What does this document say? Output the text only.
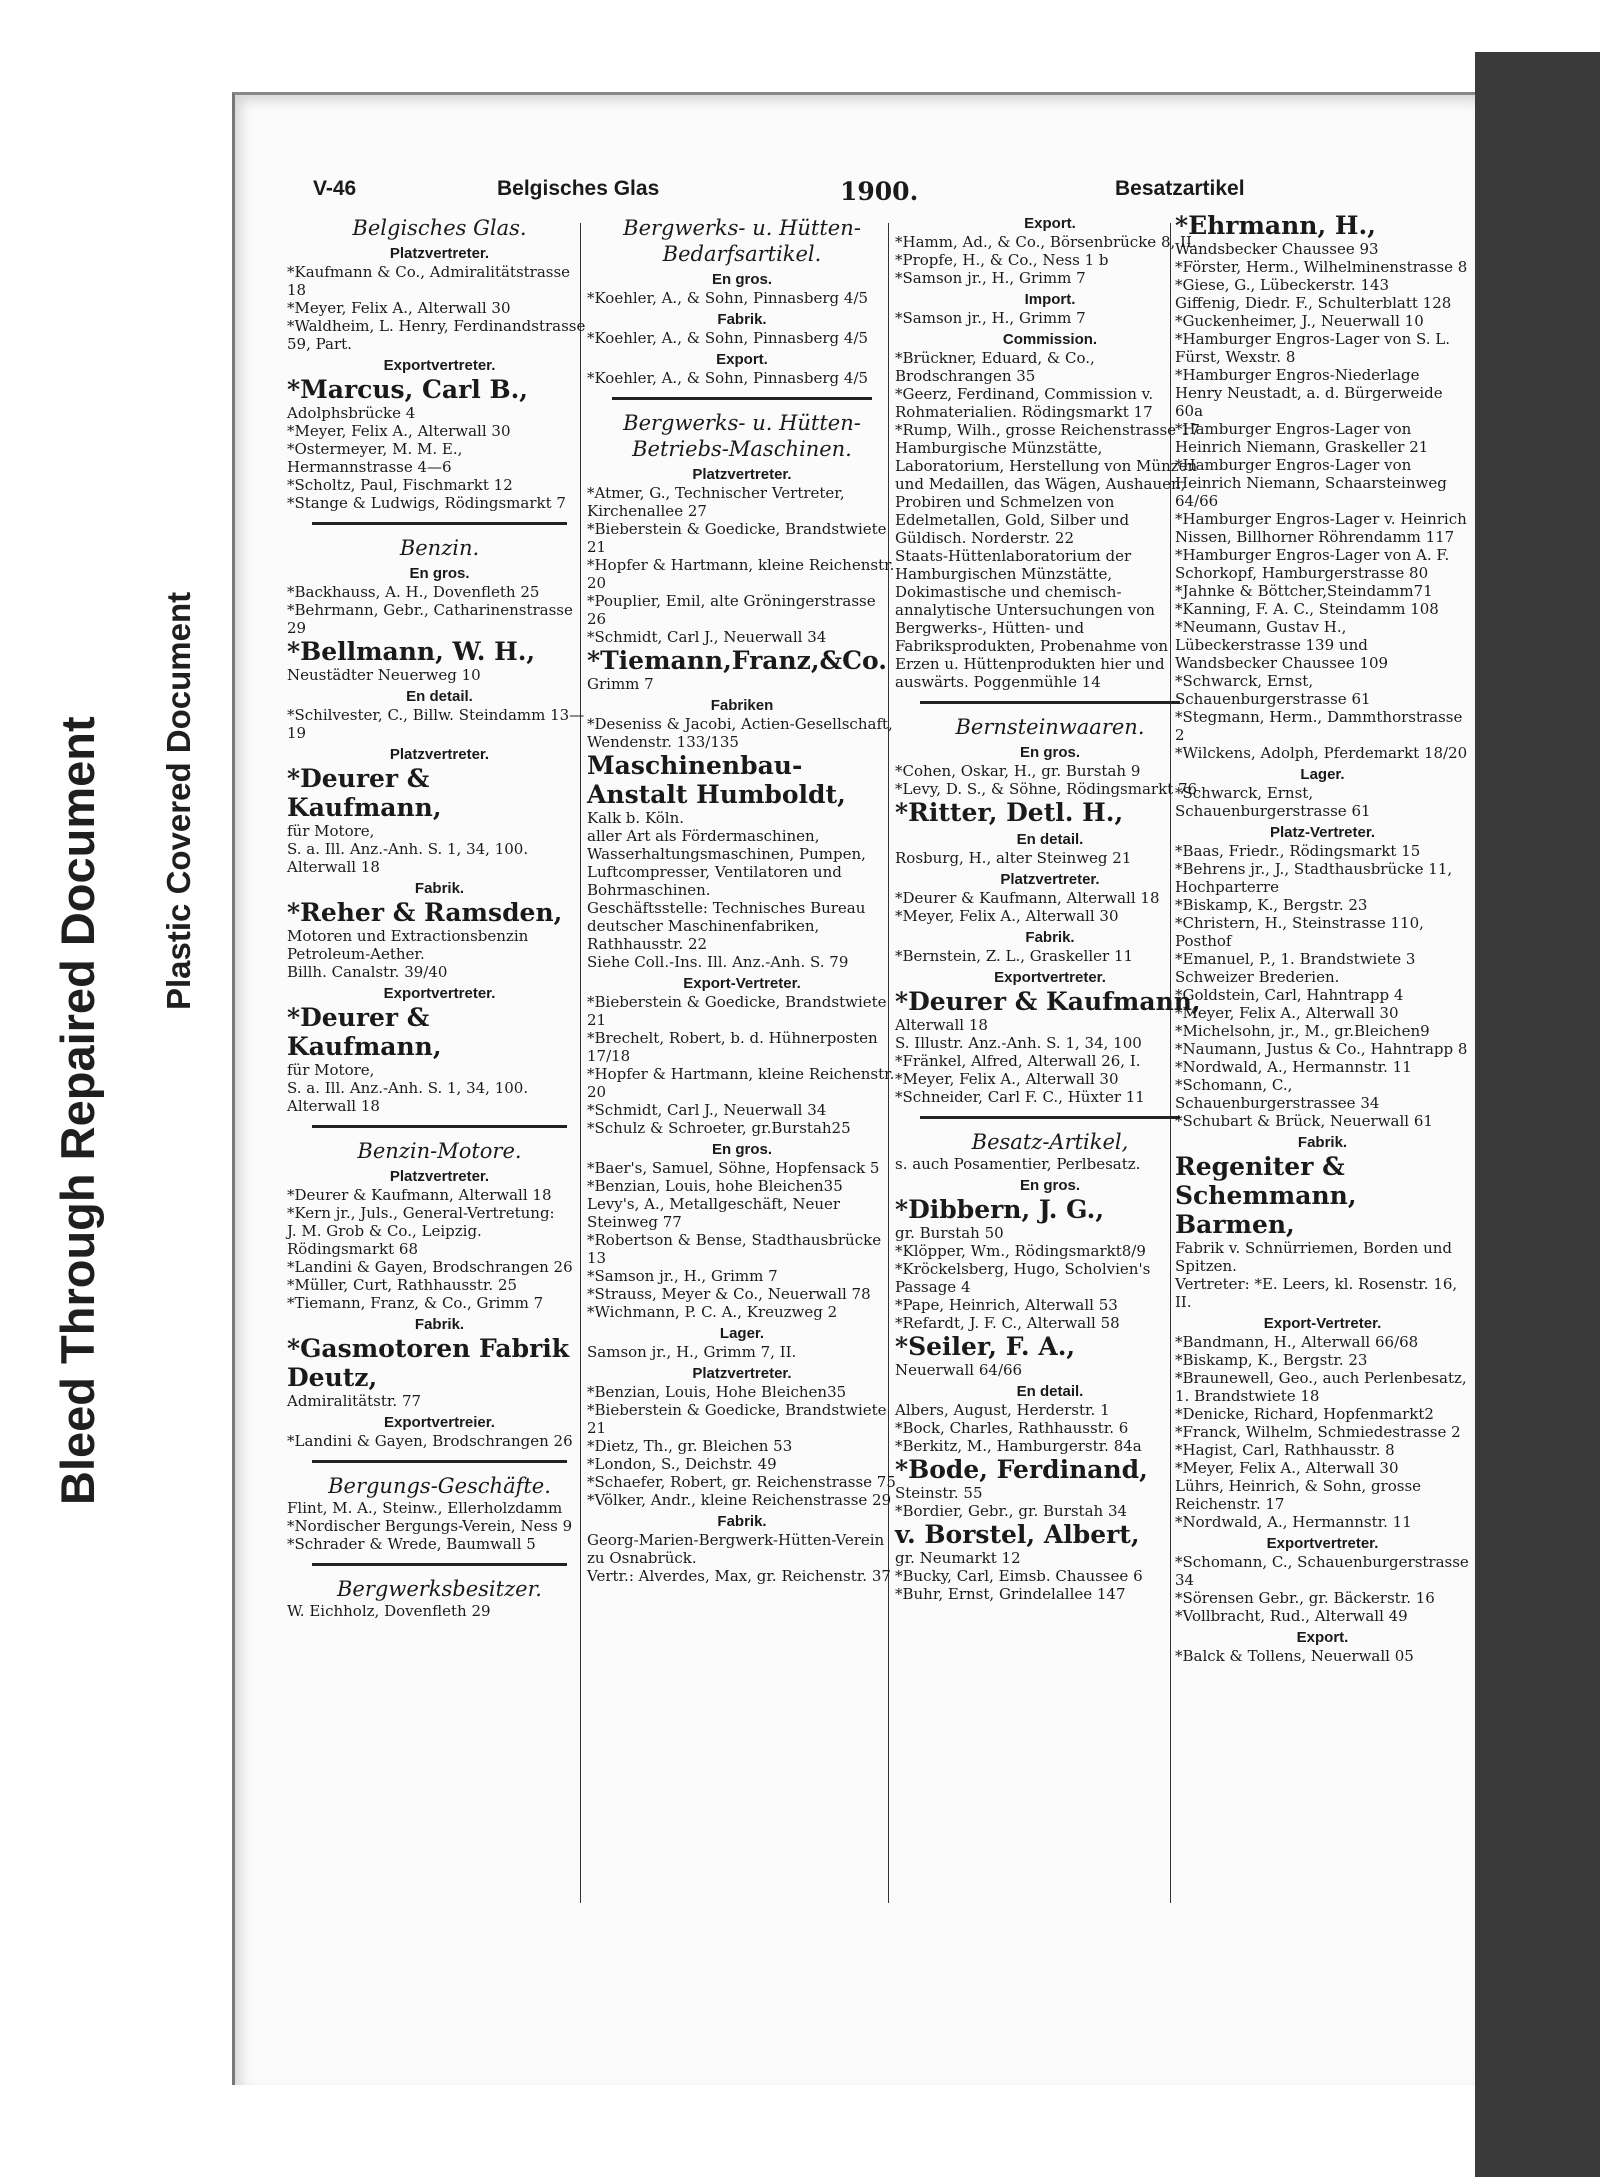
Bleed Through Repaired Document Plastic Covered Document
V-46	Belgisches Glas	1900.	Besatzartikel
Belgisches Glas.
Platzvertreter.
*Kaufmann & Co., Admiralitätstrasse 18
*Meyer, Felix A., Alterwall 30
*Waldheim, L. Henry, Ferdinandstrasse 59, Part.
Exportvertreter.
*Marcus, Carl B.,
Adolphsbrücke 4
*Meyer, Felix A., Alterwall 30
*Ostermeyer, M. M. E., Hermannstrasse 4—6
*Scholtz, Paul, Fischmarkt 12
*Stange & Ludwigs, Rödingsmarkt 7
Benzin.
En gros.
*Backhauss, A. H., Dovenfleth 25
*Behrmann, Gebr., Catharinenstrasse 29
*Bellmann, W. H.,
Neustädter Neuerweg 10
En detail.
*Schilvester, C., Billw. Steindamm 13—19
Platzvertreter.
*Deurer & Kaufmann,
für Motore,
S. a. Ill. Anz.-Anh. S. 1, 34, 100.
Alterwall 18
Fabrik.
*Reher & Ramsden,
Motoren und Extractionsbenzin
Petroleum-Aether.
Billh. Canalstr. 39/40
Exportvertreter.
*Deurer & Kaufmann,
für Motore,
S. a. Ill. Anz.-Anh. S. 1, 34, 100.
Alterwall 18
Benzin-Motore.
Platzvertreter.
*Deurer & Kaufmann, Alterwall 18
*Kern jr., Juls., General-Vertretung:
J. M. Grob & Co., Leipzig. Rödingsmarkt 68
*Landini & Gayen, Brodschrangen 26
*Müller, Curt, Rathhausstr. 25
*Tiemann, Franz, & Co., Grimm 7
Fabrik.
*Gasmotoren Fabrik Deutz,
Admiralitätstr. 77
Exportvertreier.
*Landini & Gayen, Brodschrangen 26
Bergungs-Geschäfte.
Flint, M. A., Steinw., Ellerholzdamm
*Nordischer Bergungs-Verein, Ness 9
*Schrader & Wrede, Baumwall 5
Bergwerksbesitzer.
W. Eichholz, Dovenfleth 29
Bergwerks- u. Hütten-Bedarfsartikel.
En gros.
*Koehler, A., & Sohn, Pinnasberg 4/5
Fabrik.
*Koehler, A., & Sohn, Pinnasberg 4/5
Export.
*Koehler, A., & Sohn, Pinnasberg 4/5
Bergwerks- u. Hütten-Betriebs-Maschinen.
Platzvertreter.
*Atmer, G., Technischer Vertreter, Kirchenallee 27
*Bieberstein & Goedicke, Brandstwiete 21
*Hopfer & Hartmann, kleine Reichenstr. 20
*Pouplier, Emil, alte Gröningerstrasse 26
*Schmidt, Carl J., Neuerwall 34
*Tiemann,Franz,&Co.
Grimm 7
Fabriken
*Deseniss & Jacobi, Actien-Gesellschaft, Wendenstr. 133/135
Maschinenbau-Anstalt Humboldt,
Kalk b. Köln.
aller Art als Fördermaschinen, Wasserhaltungsmaschinen, Pumpen, Luftcompresser, Ventilatoren und Bohrmaschinen.
Geschäftsstelle: Technisches Bureau deutscher Maschinenfabriken, Rathhausstr. 22
Siehe Coll.-Ins. Ill. Anz.-Anh. S. 79
Export-Vertreter.
*Bieberstein & Goedicke, Brandstwiete 21
*Brechelt, Robert, b. d. Hühnerposten 17/18
*Hopfer & Hartmann, kleine Reichenstr. 20
*Schmidt, Carl J., Neuerwall 34
*Schulz & Schroeter, gr.Burstah25
En gros.
*Baer's, Samuel, Söhne, Hopfensack 5
*Benzian, Louis, hohe Bleichen35
Levy's, A., Metallgeschäft, Neuer Steinweg 77
*Robertson & Bense, Stadthausbrücke 13
*Samson jr., H., Grimm 7
*Strauss, Meyer & Co., Neuerwall 78
*Wichmann, P. C. A., Kreuzweg 2
Lager.
Samson jr., H., Grimm 7, II.
Platzvertreter.
*Benzian, Louis, Hohe Bleichen35
*Bieberstein & Goedicke, Brandstwiete 21
*Dietz, Th., gr. Bleichen 53
*London, S., Deichstr. 49
*Schaefer, Robert, gr. Reichenstrasse 75
*Völker, Andr., kleine Reichenstrasse 29
Fabrik.
Georg-Marien-Bergwerk-Hütten-Verein zu Osnabrück.
Vertr.: Alverdes, Max, gr. Reichenstr. 37
Export.
*Hamm, Ad., & Co., Börsenbrücke 8, II.
*Propfe, H., & Co., Ness 1 b
*Samson jr., H., Grimm 7
Import.
*Samson jr., H., Grimm 7
Commission.
*Brückner, Eduard, & Co., Brodschrangen 35
*Geerz, Ferdinand, Commission v. Rohmaterialien. Rödingsmarkt 17
*Rump, Wilh., grosse Reichenstrasse 17
Hamburgische Münzstätte, Laboratorium, Herstellung von Münzen und Medaillen, das Wägen, Aushauen, Probiren und Schmelzen von Edelmetallen, Gold, Silber und Güldisch. Norderstr. 22
Staats-Hüttenlaboratorium der Hamburgischen Münzstätte, Dokimastische und chemisch-annalytische Untersuchungen von Bergwerks-, Hütten- und Fabriksprodukten, Probenahme von Erzen u. Hüttenprodukten hier und auswärts. Poggenmühle 14
Bernsteinwaaren.
En gros.
*Cohen, Oskar, H., gr. Burstah 9
*Levy, D. S., & Söhne, Rödingsmarkt 76
*Ritter, Detl. H.,
En detail.
Rosburg, H., alter Steinweg 21
Platzvertreter.
*Deurer & Kaufmann, Alterwall 18
*Meyer, Felix A., Alterwall 30
Fabrik.
*Bernstein, Z. L., Graskeller 11
Exportvertreter.
*Deurer & Kaufmann,
Alterwall 18
S. Illustr. Anz.-Anh. S. 1, 34, 100
*Fränkel, Alfred, Alterwall 26, I.
*Meyer, Felix A., Alterwall 30
*Schneider, Carl F. C., Hüxter 11
Besatz-Artikel,
s. auch Posamentier, Perlbesatz.
En gros.
*Dibbern, J. G.,
gr. Burstah 50
*Klöpper, Wm., Rödingsmarkt8/9
*Kröckelsberg, Hugo, Scholvien's Passage 4
*Pape, Heinrich, Alterwall 53
*Refardt, J. F. C., Alterwall 58
*Seiler, F. A.,
Neuerwall 64/66
En detail.
Albers, August, Herderstr. 1
*Bock, Charles, Rathhausstr. 6
*Berkitz, M., Hamburgerstr. 84a
*Bode, Ferdinand,
Steinstr. 55
*Bordier, Gebr., gr. Burstah 34
v. Borstel, Albert,
gr. Neumarkt 12
*Bucky, Carl, Eimsb. Chaussee 6
*Buhr, Ernst, Grindelallee 147
*Ehrmann, H.,
Wandsbecker Chaussee 93
*Förster, Herm., Wilhelminenstrasse 8
*Giese, G., Lübeckerstr. 143
Giffenig, Diedr. F., Schulterblatt 128
*Guckenheimer, J., Neuerwall 10
*Hamburger Engros-Lager von S. L. Fürst, Wexstr. 8
*Hamburger Engros-Niederlage Henry Neustadt, a. d. Bürgerweide 60a
*Hamburger Engros-Lager von Heinrich Niemann, Graskeller 21
*Hamburger Engros-Lager von Heinrich Niemann, Schaarsteinweg 64/66
*Hamburger Engros-Lager v. Heinrich Nissen, Billhorner Röhrendamm 117
*Hamburger Engros-Lager von A. F. Schorkopf, Hamburgerstrasse 80
*Jahnke & Böttcher,Steindamm71
*Kanning, F. A. C., Steindamm 108
*Neumann, Gustav H., Lübeckerstrasse 139 und Wandsbecker Chaussee 109
*Schwarck, Ernst, Schauenburgerstrasse 61
*Stegmann, Herm., Dammthorstrasse 2
*Wilckens, Adolph, Pferdemarkt 18/20
Lager.
*Schwarck, Ernst, Schauenburgerstrasse 61
Platz-Vertreter.
*Baas, Friedr., Rödingsmarkt 15
*Behrens jr., J., Stadthausbrücke 11, Hochparterre
*Biskamp, K., Bergstr. 23
*Christern, H., Steinstrasse 110, Posthof
*Emanuel, P., 1. Brandstwiete 3 Schweizer Brederien.
*Goldstein, Carl, Hahntrapp 4
*Meyer, Felix A., Alterwall 30
*Michelsohn, jr., M., gr.Bleichen9
*Naumann, Justus & Co., Hahntrapp 8
*Nordwald, A., Hermannstr. 11
*Schomann, C., Schauenburgerstrassee 34
*Schubart & Brück, Neuerwall 61
Fabrik.
Regeniter & Schemmann, Barmen,
Fabrik v. Schnürriemen, Borden und Spitzen.
Vertreter: *E. Leers, kl. Rosenstr. 16, II.
Export-Vertreter.
*Bandmann, H., Alterwall 66/68
*Biskamp, K., Bergstr. 23
*Braunewell, Geo., auch Perlenbesatz, 1. Brandstwiete 18
*Denicke, Richard, Hopfenmarkt2
*Franck, Wilhelm, Schmiedestrasse 2
*Hagist, Carl, Rathhausstr. 8
*Meyer, Felix A., Alterwall 30
Lührs, Heinrich, & Sohn, grosse Reichenstr. 17
*Nordwald, A., Hermannstr. 11
Exportvertreter.
*Schomann, C., Schauenburgerstrasse 34
*Sörensen Gebr., gr. Bäckerstr. 16
*Vollbracht, Rud., Alterwall 49
Export.
*Balck & Tollens, Neuerwall 05
